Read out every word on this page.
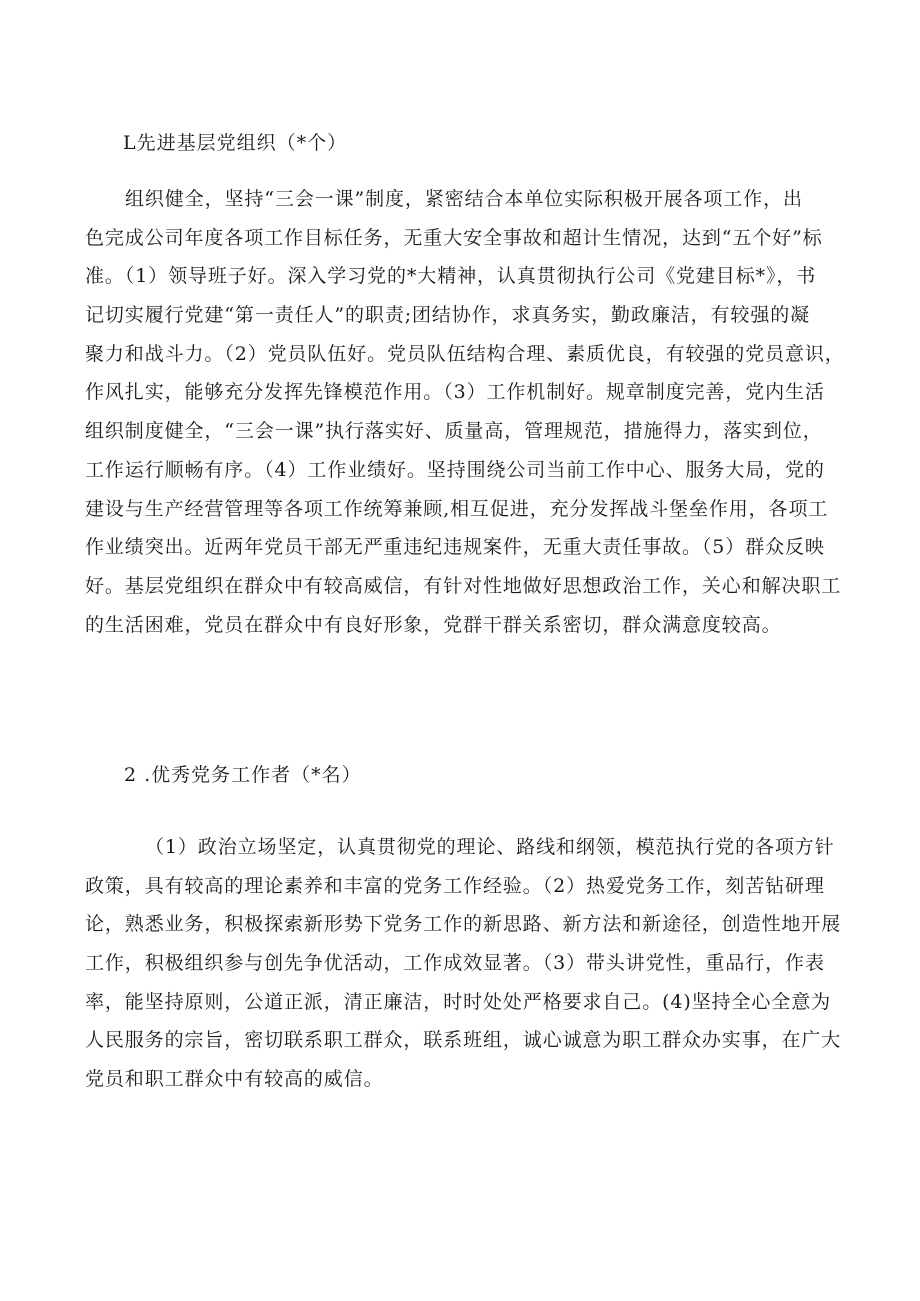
L先进基层党组织（*个）
组织健全，坚持“三会一课”制度，紧密结合本单位实际积极开展各项工作，出
色完成公司年度各项工作目标任务，无重大安全事故和超计生情况，达到“五个好”标
准。（1）领导班子好。深入学习党的*大精神，认真贯彻执行公司《党建目标*》，书
记切实履行党建“第一责任人”的职责;团结协作，求真务实，勤政廉洁，有较强的凝
聚力和战斗力。（2）党员队伍好。党员队伍结构合理、素质优良，有较强的党员意识，
作风扎实，能够充分发挥先锋模范作用。（3）工作机制好。规章制度完善，党内生活
组织制度健全，“三会一课”执行落实好、质量高，管理规范，措施得力，落实到位，
工作运行顺畅有序。（4）工作业绩好。坚持围绕公司当前工作中心、服务大局，党的
建设与生产经营管理等各项工作统筹兼顾,相互促进，充分发挥战斗堡垒作用，各项工
作业绩突出。近两年党员干部无严重违纪违规案件，无重大责任事故。（5）群众反映
好。基层党组织在群众中有较高威信，有针对性地做好思想政治工作，关心和解决职工
的生活困难，党员在群众中有良好形象，党群干群关系密切，群众满意度较高。
2 .优秀党务工作者（*名）
（1）政治立场坚定，认真贯彻党的理论、路线和纲领，模范执行党的各项方针
政策，具有较高的理论素养和丰富的党务工作经验。（2）热爱党务工作，刻苦钻研理
论，熟悉业务，积极探索新形势下党务工作的新思路、新方法和新途径，创造性地开展
工作，积极组织参与创先争优活动，工作成效显著。（3）带头讲党性，重品行，作表
率，能坚持原则，公道正派，清正廉洁，时时处处严格要求自己。(4)坚持全心全意为
人民服务的宗旨，密切联系职工群众，联系班组，诚心诚意为职工群众办实事，在广大
党员和职工群众中有较高的威信。
